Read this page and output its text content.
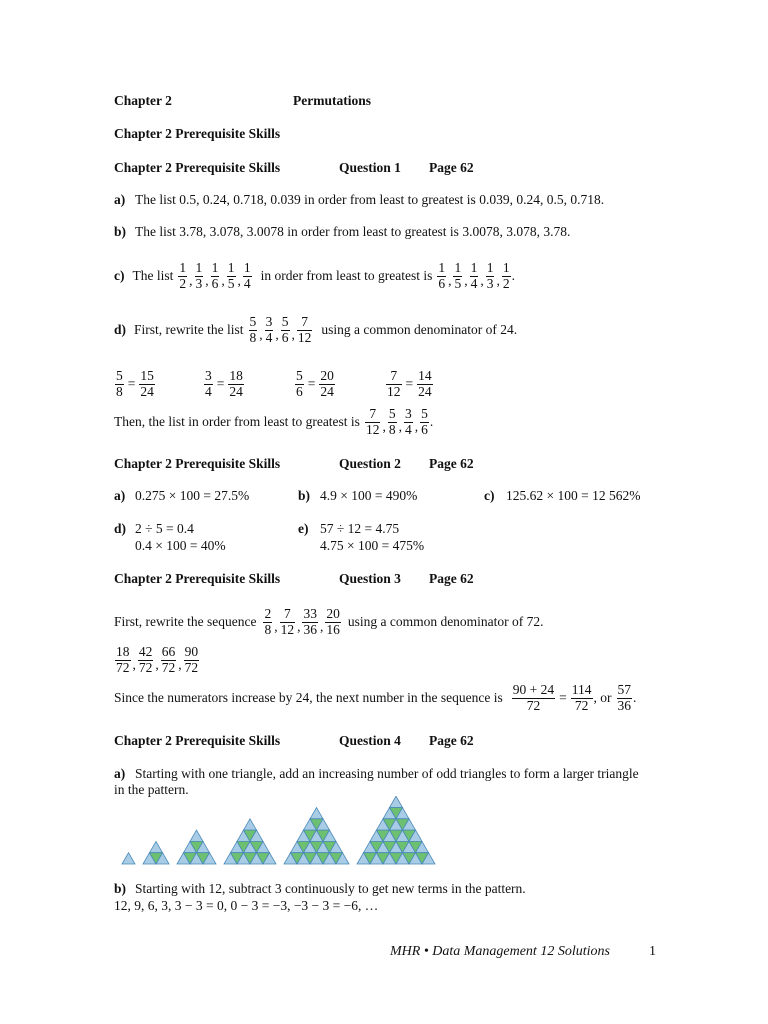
Chapter 2	Permutations
Chapter 2 Prerequisite Skills
Chapter 2 Prerequisite Skills	Question 1 Page 62
a) The list 0.5, 0.24, 0.718, 0.039 in order from least to greatest is 0.039, 0.24, 0.5, 0.718.
b) The list 3.78, 3.078, 3.0078 in order from least to greatest is 3.0078, 3.078, 3.78.
c) The list $\frac{1}{2}$ , $\frac{1}{3}$ , $\frac{1}{6}$ , $\frac{1}{5}$ , $\frac{1}{4}$ in order from least to greatest is $\frac{1}{6}$ , $\frac{1}{5}$ , $\frac{1}{4}$ , $\frac{1}{3}$ , $\frac{1}{2}$ .
d) First, rewrite the list $\frac{5}{8}$ , $\frac{3}{4}$ , $\frac{5}{6}$ , $\frac{7}{12}$ using a common denominator of 24.
$\frac{5}{8} = \frac{15}{24}$	$\frac{3}{4} = \frac{18}{24}$	$\frac{5}{6} = \frac{20}{24}$	$\frac{7}{12} = \frac{14}{24}$
Then, the list in order from least to greatest is $\frac{7}{12}$ , $\frac{5}{8}$ , $\frac{3}{4}$ , $\frac{5}{6}$ .
Chapter 2 Prerequisite Skills	Question 2 Page 62
a) 0.275 × 100 = 27.5%	b) 4.9 × 100 = 490%	c) 125.62 × 100 = 12 562%
d) 2 ÷ 5 = 0.4
0.4 × 100 = 40%
e) 57 ÷ 12 = 4.75
4.75 × 100 = 475%
Chapter 2 Prerequisite Skills	Question 3 Page 62
First, rewrite the sequence $\frac{2}{8}$ , $\frac{7}{12}$ , $\frac{33}{36}$ , $\frac{20}{16}$ using a common denominator of 72.
$\frac{18}{72}$ , $\frac{42}{72}$ , $\frac{66}{72}$ , $\frac{90}{72}$
Since the numerators increase by 24, the next number in the sequence is $\frac{90 + 24}{72} = \frac{114}{72}$ , or $\frac{57}{36}$ .
Chapter 2 Prerequisite Skills	Question 4 Page 62
a) Starting with one triangle, add an increasing number of odd triangles to form a larger triangle
in the pattern.
b) Starting with 12, subtract 3 continuously to get new terms in the pattern.
12, 9, 6, 3, 3 − 3 = 0, 0 − 3 = −3, −3 − 3 = −6, …
MHR • Data Management 12 Solutions	1
